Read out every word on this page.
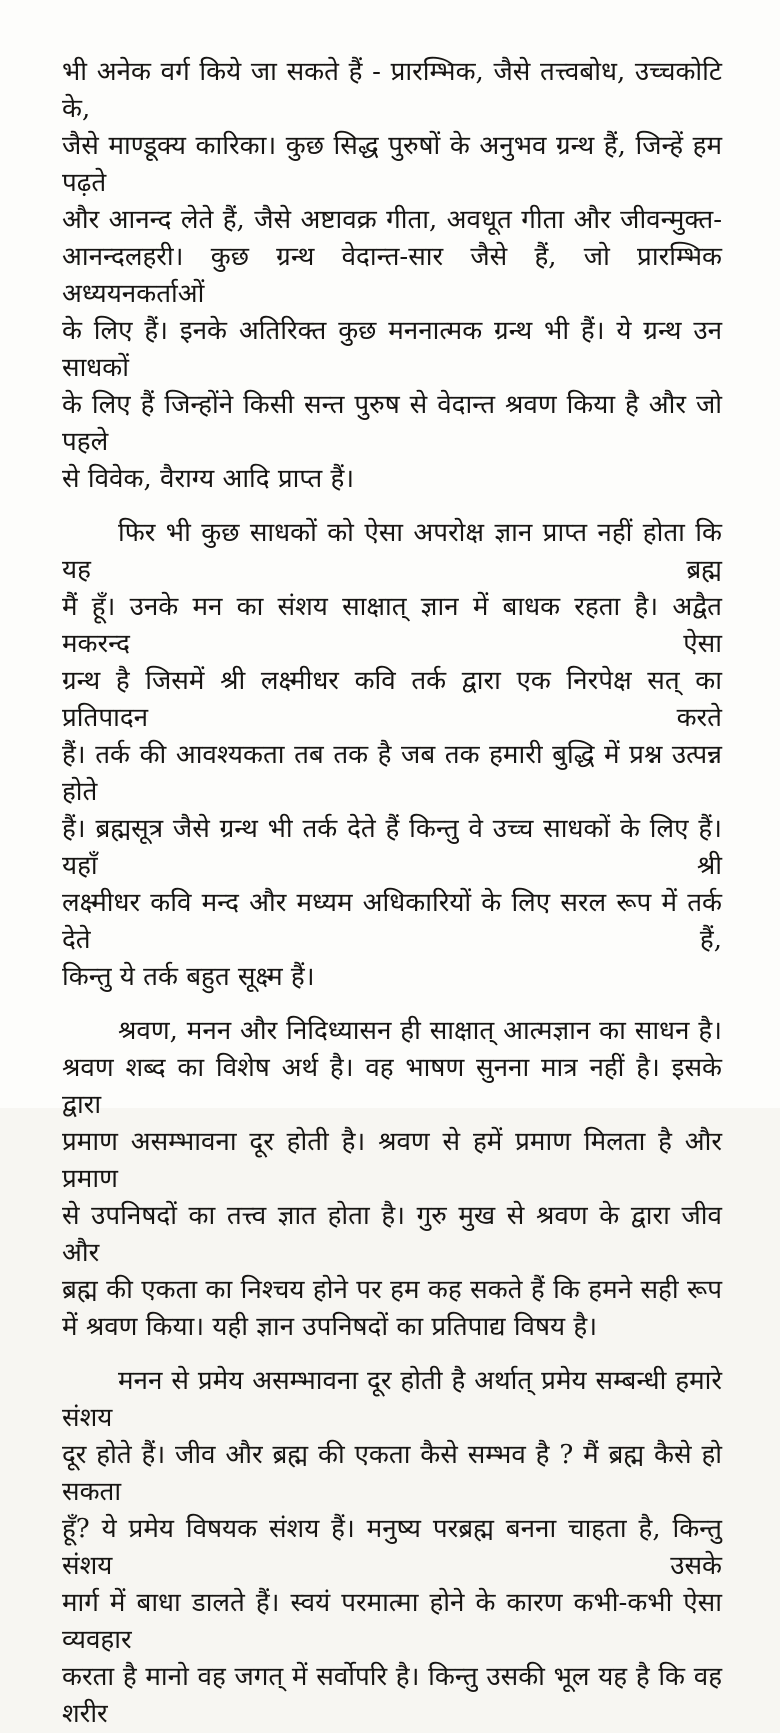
भी अनेक वर्ग किये जा सकते हैं - प्रारम्भिक, जैसे तत्त्वबोध, उच्चकोटि के,
जैसे माण्डूक्य कारिका। कुछ सिद्ध पुरुषों के अनुभव ग्रन्थ हैं, जिन्हें हम पढ़ते
और आनन्द लेते हैं, जैसे अष्टावक्र गीता, अवधूत गीता और जीवन्मुक्त-
आनन्दलहरी। कुछ ग्रन्थ वेदान्त-सार जैसे हैं, जो प्रारम्भिक अध्ययनकर्ताओं
के लिए हैं। इनके अतिरिक्त कुछ मननात्मक ग्रन्थ भी हैं। ये ग्रन्थ उन साधकों
के लिए हैं जिन्होंने किसी सन्त पुरुष से वेदान्त श्रवण किया है और जो पहले
से विवेक, वैराग्य आदि प्राप्त हैं।
फिर भी कुछ साधकों को ऐसा अपरोक्ष ज्ञान प्राप्त नहीं होता कि यह ब्रह्म
मैं हूँ। उनके मन का संशय साक्षात् ज्ञान में बाधक रहता है। अद्वैत मकरन्द ऐसा
ग्रन्थ है जिसमें श्री लक्ष्मीधर कवि तर्क द्वारा एक निरपेक्ष सत् का प्रतिपादन करते
हैं। तर्क की आवश्यकता तब तक है जब तक हमारी बुद्धि में प्रश्न उत्पन्न होते
हैं। ब्रह्मसूत्र जैसे ग्रन्थ भी तर्क देते हैं किन्तु वे उच्च साधकों के लिए हैं। यहाँ श्री
लक्ष्मीधर कवि मन्द और मध्यम अधिकारियों के लिए सरल रूप में तर्क देते हैं,
किन्तु ये तर्क बहुत सूक्ष्म हैं।
श्रवण, मनन और निदिध्यासन ही साक्षात् आत्मज्ञान का साधन है।
श्रवण शब्द का विशेष अर्थ है। वह भाषण सुनना मात्र नहीं है। इसके द्वारा
प्रमाण असम्भावना दूर होती है। श्रवण से हमें प्रमाण मिलता है और प्रमाण
से उपनिषदों का तत्त्व ज्ञात होता है। गुरु मुख से श्रवण के द्वारा जीव और
ब्रह्म की एकता का निश्चय होने पर हम कह सकते हैं कि हमने सही रूप
में श्रवण किया। यही ज्ञान उपनिषदों का प्रतिपाद्य विषय है।
मनन से प्रमेय असम्भावना दूर होती है अर्थात् प्रमेय सम्बन्धी हमारे संशय
दूर होते हैं। जीव और ब्रह्म की एकता कैसे सम्भव है ? मैं ब्रह्म कैसे हो सकता
हूँ? ये प्रमेय विषयक संशय हैं। मनुष्य परब्रह्म बनना चाहता है, किन्तु संशय उसके
मार्ग में बाधा डालते हैं। स्वयं परमात्मा होने के कारण कभी-कभी ऐसा व्यवहार
करता है मानो वह जगत् में सर्वोपरि है। किन्तु उसकी भूल यह है कि वह शरीर
